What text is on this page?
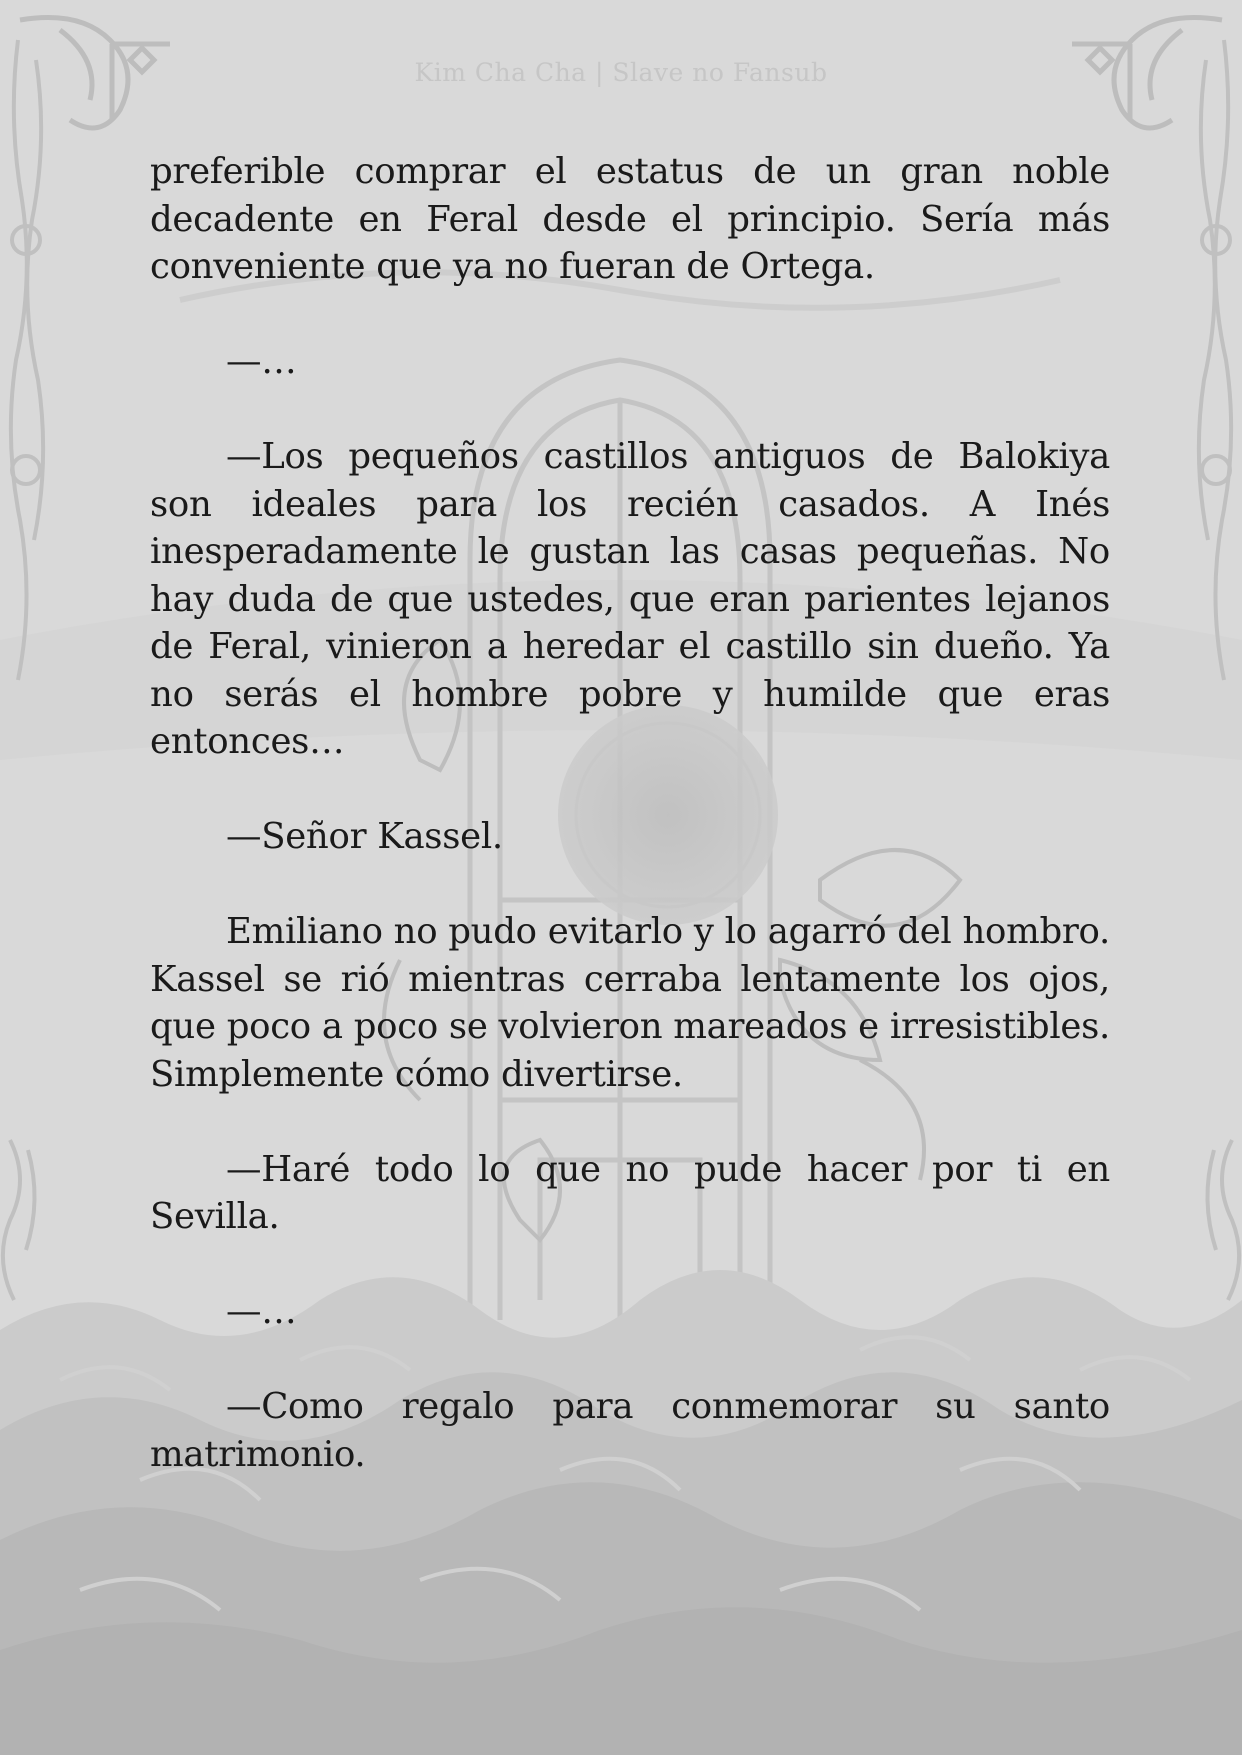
Kim Cha Cha | Slave no Fansub

preferible comprar el estatus de un gran noble decadente en Feral desde el principio. Sería más conveniente que ya no fueran de Ortega.

—…

—Los pequeños castillos antiguos de Balokiya son ideales para los recién casados. A Inés inesperadamente le gustan las casas pequeñas. No hay duda de que ustedes, que eran parientes lejanos de Feral, vinieron a heredar el castillo sin dueño. Ya no serás el hombre pobre y humilde que eras entonces…

—Señor Kassel.

Emiliano no pudo evitarlo y lo agarró del hombro. Kassel se rió mientras cerraba lentamente los ojos, que poco a poco se volvieron mareados e irresistibles. Simplemente cómo divertirse.

—Haré todo lo que no pude hacer por ti en Sevilla.

—…

—Como regalo para conmemorar su santo matrimonio.
